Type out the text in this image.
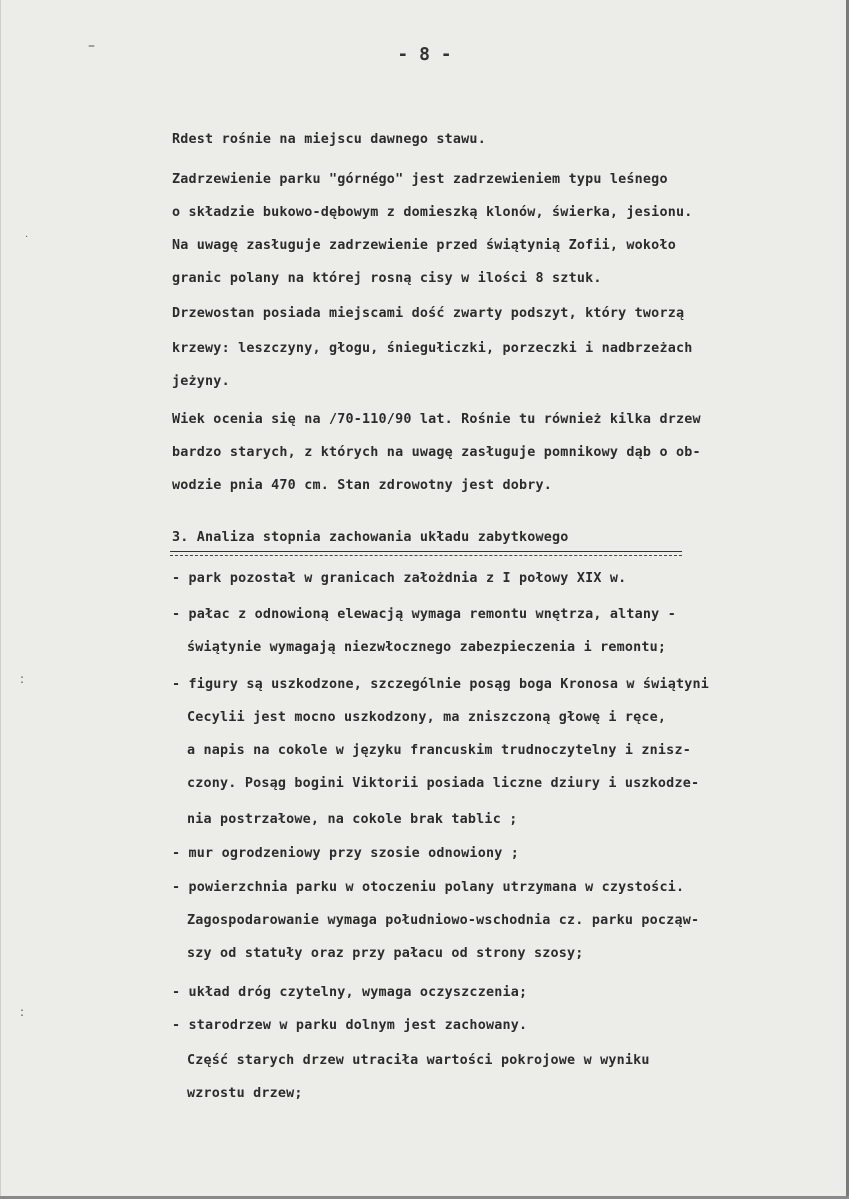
–
·
:
:
- 8 -
Rdest rośnie na miejscu dawnego stawu.
Zadrzewienie parku "górnégo" jest zadrzewieniem typu leśnego
o składzie bukowo-dębowym z domieszką klonów, świerka, jesionu.
Na uwagę zasługuje zadrzewienie przed świątynią Zofii, wokoło
granic polany na której rosną cisy w ilości 8 sztuk.
Drzewostan posiada miejscami dość zwarty podszyt, który tworzą
krzewy: leszczyny, głogu, śniegułiczki, porzeczki i nadbrzeżach
jeżyny.
Wiek ocenia się na /70-110/90 lat. Rośnie tu również kilka drzew
bardzo starych, z których na uwagę zasługuje pomnikowy dąb o ob-
wodzie pnia 470 cm. Stan zdrowotny jest dobry.
3. Analiza stopnia zachowania układu zabytkowego
- park pozostał w granicach założdnia z I połowy XIX w.
- pałac z odnowioną elewacją wymaga remontu wnętrza, altany -
świątynie wymagają niezwłocznego zabezpieczenia i remontu;
- figury są uszkodzone, szczególnie posąg boga Kronosa w świątyni
Cecylii jest mocno uszkodzony, ma zniszczoną głowę i ręce,
a napis na cokole w języku francuskim trudnoczytelny i znisz-
czony. Posąg bogini Viktorii posiada liczne dziury i uszkodze-
nia postrzałowe, na cokole brak tablic ;
- mur ogrodzeniowy przy szosie odnowiony ;
- powierzchnia parku w otoczeniu polany utrzymana w czystości.
Zagospodarowanie wymaga południowo-wschodnia cz. parku począw-
szy od statuły oraz przy pałacu od strony szosy;
- układ dróg czytelny, wymaga oczyszczenia;
- starodrzew w parku dolnym jest zachowany.
Część starych drzew utraciła wartości pokrojowe w wyniku
wzrostu drzew;
